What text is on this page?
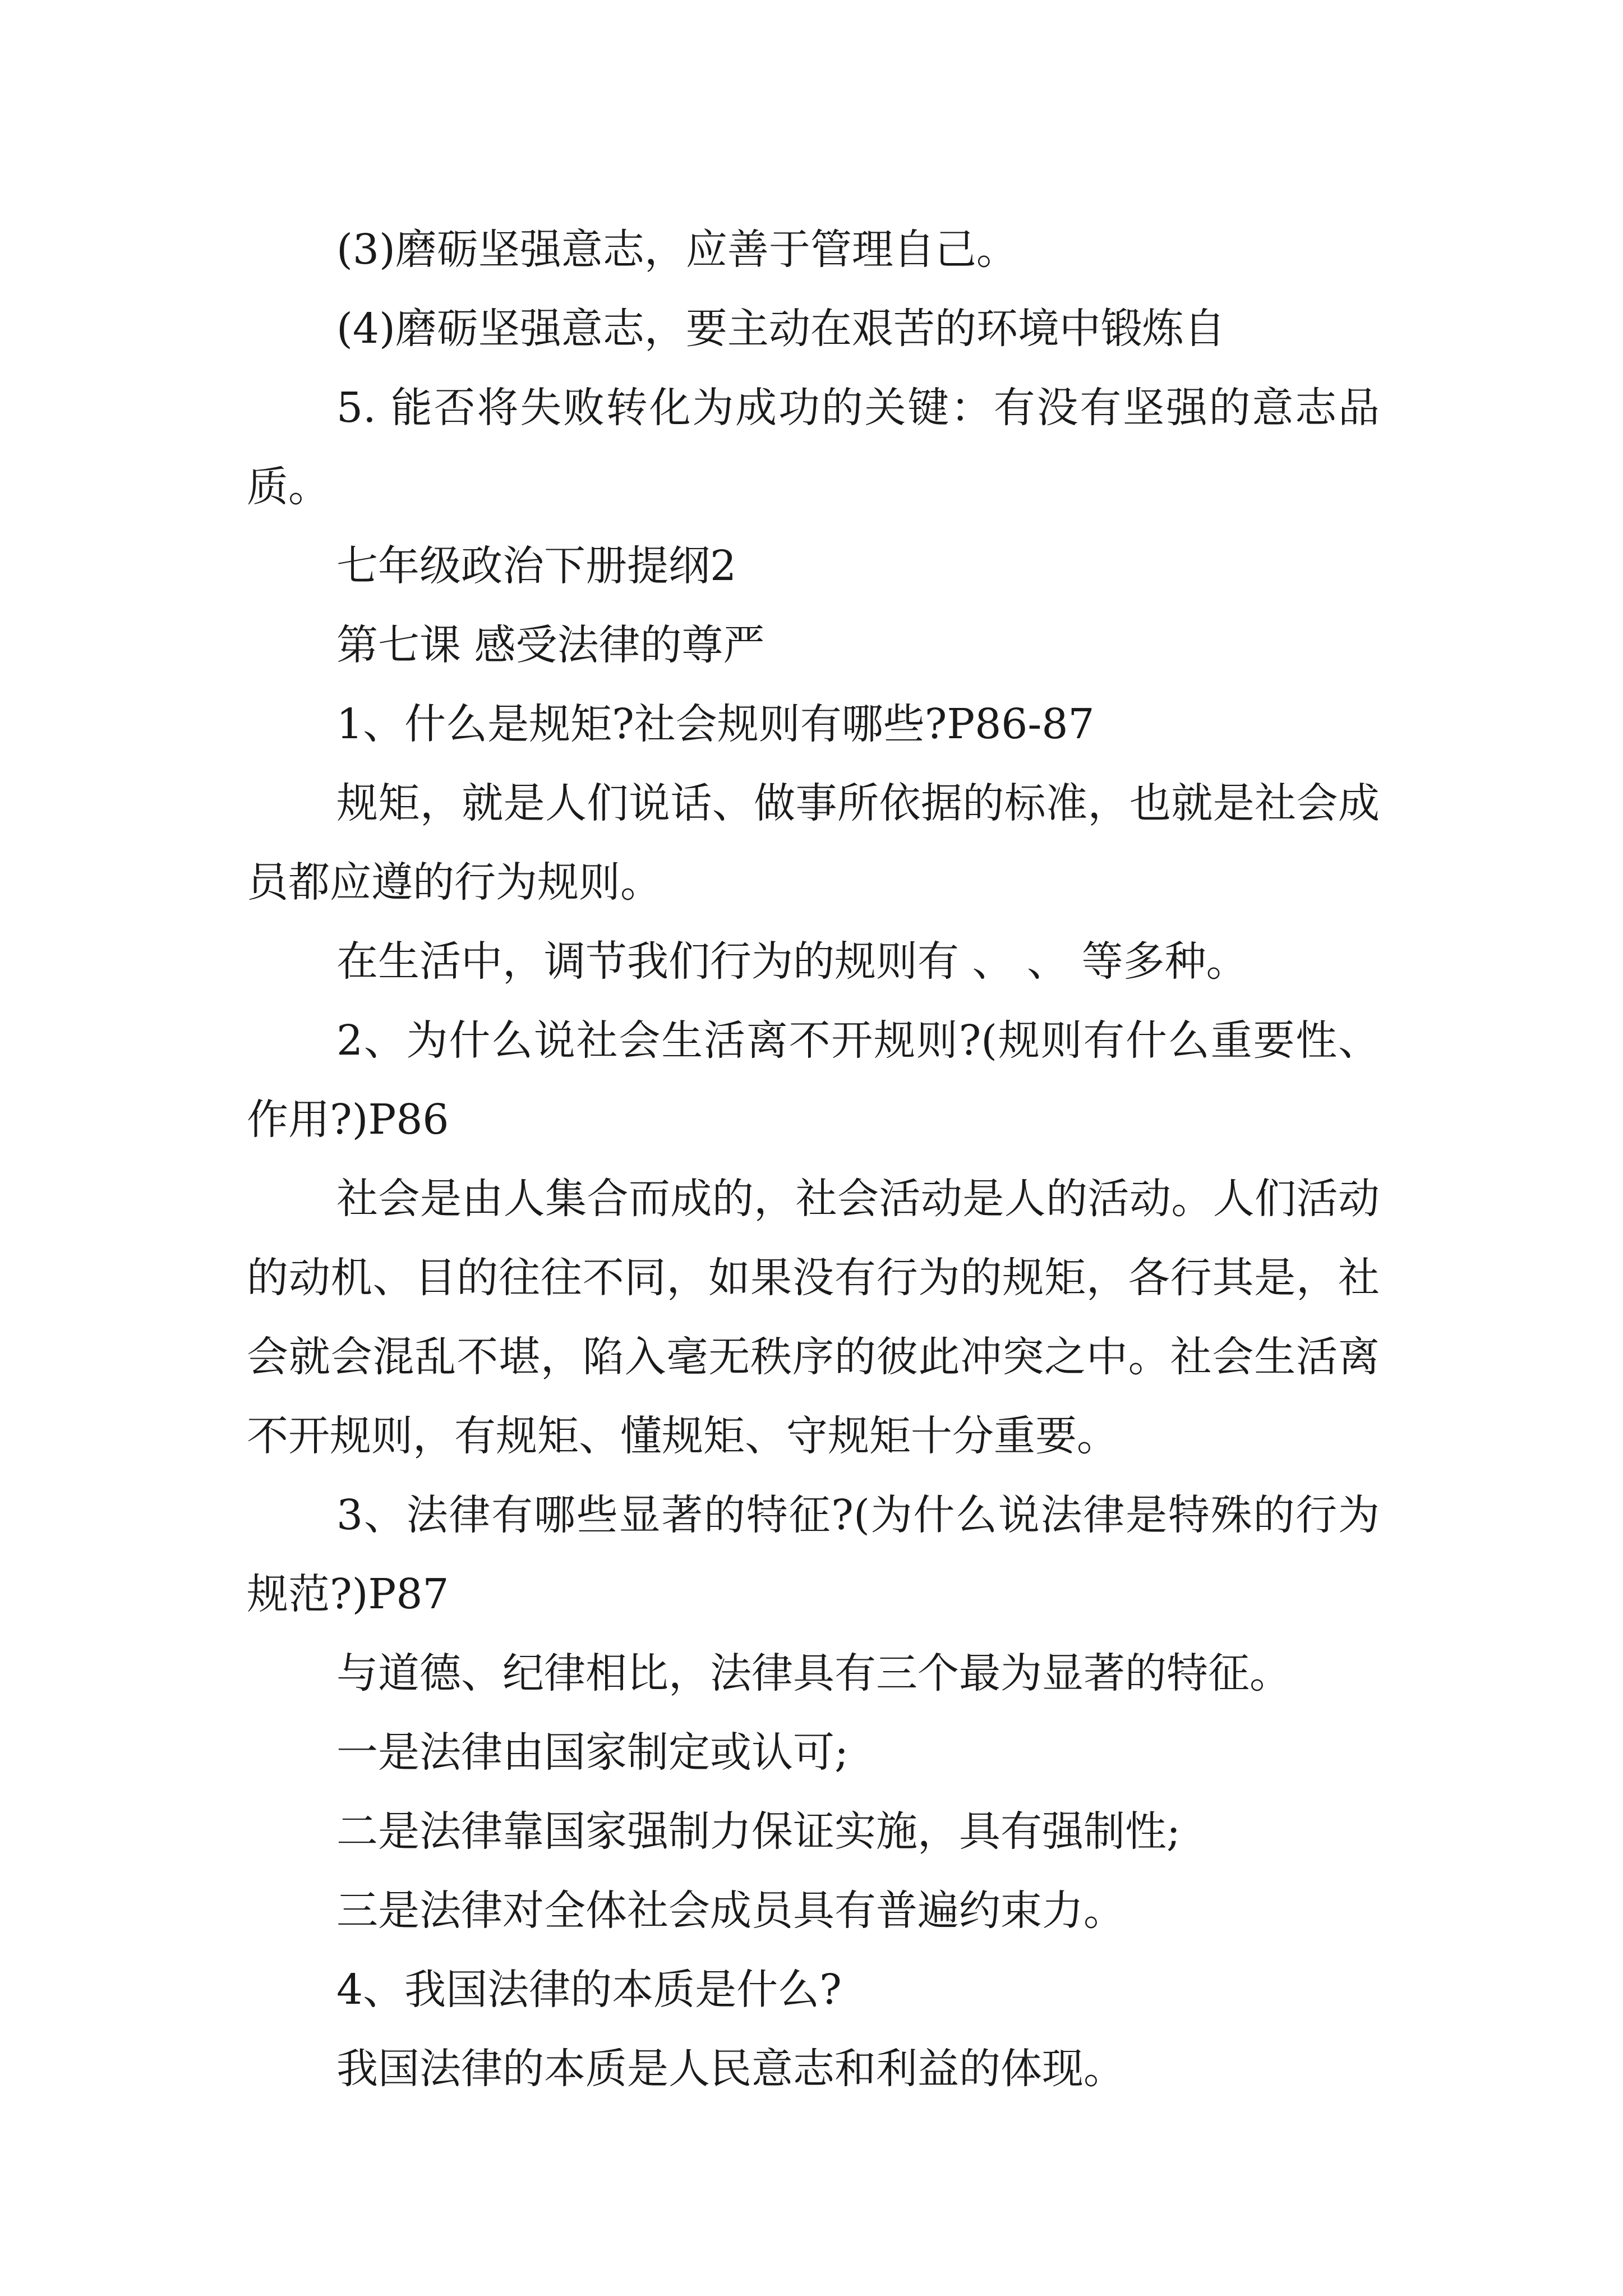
(3)磨砺坚强意志，应善于管理自己。

(4)磨砺坚强意志，要主动在艰苦的环境中锻炼自

5. 能否将失败转化为成功的关键：有没有坚强的意志品质。

七年级政治下册提纲2

第七课 感受法律的尊严

1、什么是规矩?社会规则有哪些?P86-87

规矩，就是人们说话、做事所依据的标准，也就是社会成员都应遵的行为规则。

在生活中，调节我们行为的规则有 、 、 等多种。

2、为什么说社会生活离不开规则?(规则有什么重要性、作用?)P86

社会是由人集合而成的，社会活动是人的活动。人们活动的动机、目的往往不同，如果没有行为的规矩，各行其是，社会就会混乱不堪，陷入毫无秩序的彼此冲突之中。社会生活离不开规则，有规矩、懂规矩、守规矩十分重要。

3、法律有哪些显著的特征?(为什么说法律是特殊的行为规范?)P87

与道德、纪律相比，法律具有三个最为显著的特征。

一是法律由国家制定或认可;

二是法律靠国家强制力保证实施，具有强制性;

三是法律对全体社会成员具有普遍约束力。

4、我国法律的本质是什么?

我国法律的本质是人民意志和利益的体现。
